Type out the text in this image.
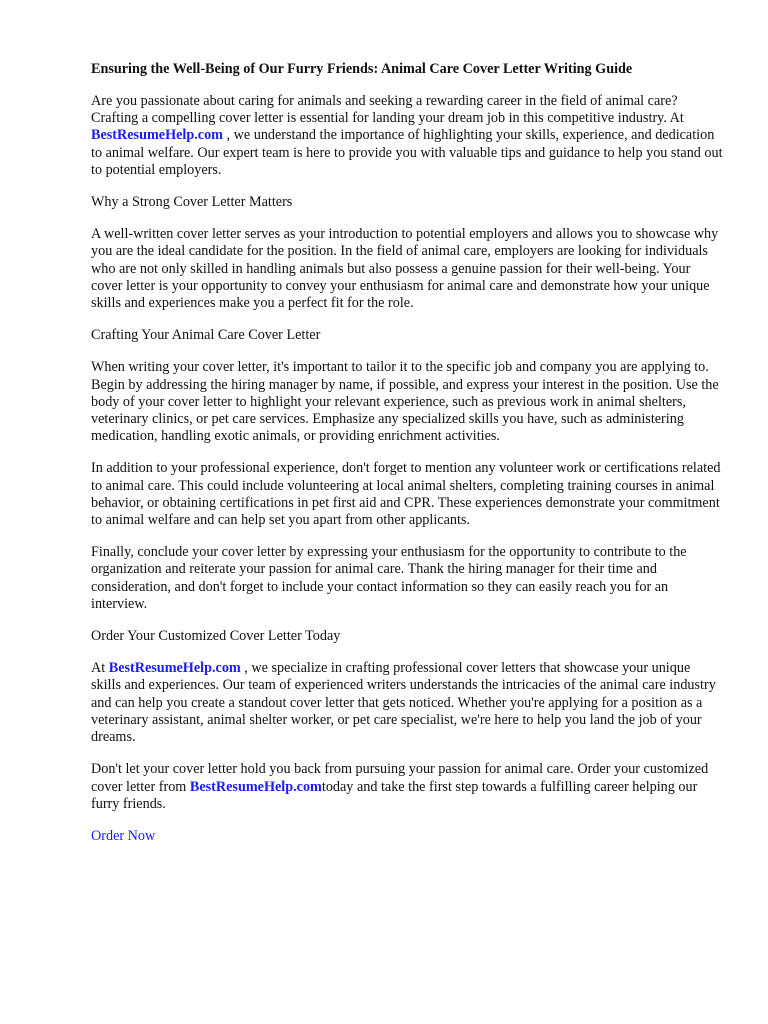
Ensuring the Well-Being of Our Furry Friends: Animal Care Cover Letter Writing Guide

Are you passionate about caring for animals and seeking a rewarding career in the field of animal care? Crafting a compelling cover letter is essential for landing your dream job in this competitive industry. At BestResumeHelp.com , we understand the importance of highlighting your skills, experience, and dedication to animal welfare. Our expert team is here to provide you with valuable tips and guidance to help you stand out to potential employers.

Why a Strong Cover Letter Matters

A well-written cover letter serves as your introduction to potential employers and allows you to showcase why you are the ideal candidate for the position. In the field of animal care, employers are looking for individuals who are not only skilled in handling animals but also possess a genuine passion for their well-being. Your cover letter is your opportunity to convey your enthusiasm for animal care and demonstrate how your unique skills and experiences make you a perfect fit for the role.

Crafting Your Animal Care Cover Letter

When writing your cover letter, it's important to tailor it to the specific job and company you are applying to. Begin by addressing the hiring manager by name, if possible, and express your interest in the position. Use the body of your cover letter to highlight your relevant experience, such as previous work in animal shelters, veterinary clinics, or pet care services. Emphasize any specialized skills you have, such as administering medication, handling exotic animals, or providing enrichment activities.

In addition to your professional experience, don't forget to mention any volunteer work or certifications related to animal care. This could include volunteering at local animal shelters, completing training courses in animal behavior, or obtaining certifications in pet first aid and CPR. These experiences demonstrate your commitment to animal welfare and can help set you apart from other applicants.

Finally, conclude your cover letter by expressing your enthusiasm for the opportunity to contribute to the organization and reiterate your passion for animal care. Thank the hiring manager for their time and consideration, and don't forget to include your contact information so they can easily reach you for an interview.

Order Your Customized Cover Letter Today

At BestResumeHelp.com , we specialize in crafting professional cover letters that showcase your unique skills and experiences. Our team of experienced writers understands the intricacies of the animal care industry and can help you create a standout cover letter that gets noticed. Whether you're applying for a position as a veterinary assistant, animal shelter worker, or pet care specialist, we're here to help you land the job of your dreams.

Don't let your cover letter hold you back from pursuing your passion for animal care. Order your customized cover letter from BestResumeHelp.comtoday and take the first step towards a fulfilling career helping our furry friends.

Order Now
